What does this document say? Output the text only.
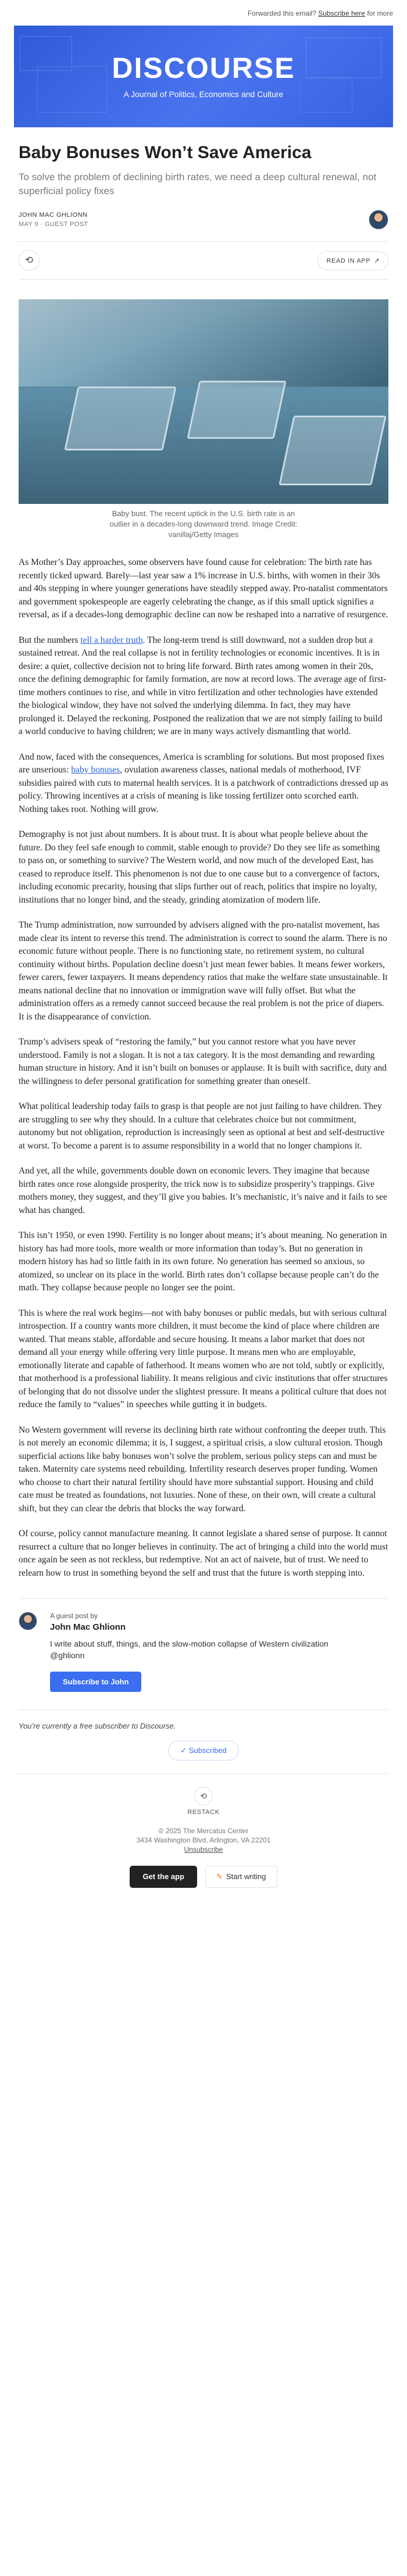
Forwarded this email? Subscribe here for more
DISCOURSE
A Journal of Politics, Economics and Culture
Baby Bonuses Won’t Save America
To solve the problem of declining birth rates, we need a deep cultural renewal, not superficial policy fixes
JOHN MAC GHLIONN
MAY 9 · GUEST POST
⟲	READ IN APP ↗
Baby bust. The recent uptick in the U.S. birth rate is an outlier in a decades-long downward trend. Image Credit: vanillaj/Getty Images

As Mother’s Day approaches, some observers have found cause for celebration: The birth rate has recently ticked upward. Barely—last year saw a 1% increase in U.S. births, with women in their 30s and 40s stepping in where younger generations have steadily stepped away. Pro-natalist commentators and government spokespeople are eagerly celebrating the change, as if this small uptick signifies a reversal, as if a decades-long demographic decline can now be reshaped into a narrative of resurgence.

But the numbers tell a harder truth. The long-term trend is still downward, not a sudden drop but a sustained retreat. And the real collapse is not in fertility technologies or economic incentives. It is in desire: a quiet, collective decision not to bring life forward. Birth rates among women in their 20s, once the defining demographic for family formation, are now at record lows. The average age of first-time mothers continues to rise, and while in vitro fertilization and other technologies have extended the biological window, they have not solved the underlying dilemma. In fact, they may have prolonged it. Delayed the reckoning. Postponed the realization that we are not simply failing to build a world conducive to having children; we are in many ways actively dismantling that world.

And now, faced with the consequences, America is scrambling for solutions. But most proposed fixes are unserious: baby bonuses, ovulation awareness classes, national medals of motherhood, IVF subsidies paired with cuts to maternal health services. It is a patchwork of contradictions dressed up as policy. Throwing incentives at a crisis of meaning is like tossing fertilizer onto scorched earth. Nothing takes root. Nothing will grow.

Demography is not just about numbers. It is about trust. It is about what people believe about the future. Do they feel safe enough to commit, stable enough to provide? Do they see life as something to pass on, or something to survive? The Western world, and now much of the developed East, has ceased to reproduce itself. This phenomenon is not due to one cause but to a convergence of factors, including economic precarity, housing that slips further out of reach, politics that inspire no loyalty, institutions that no longer bind, and the steady, grinding atomization of modern life.

The Trump administration, now surrounded by advisers aligned with the pro-natalist movement, has made clear its intent to reverse this trend. The administration is correct to sound the alarm. There is no economic future without people. There is no functioning state, no retirement system, no cultural continuity without births. Population decline doesn’t just mean fewer babies. It means fewer workers, fewer carers, fewer taxpayers. It means dependency ratios that make the welfare state unsustainable. It means national decline that no innovation or immigration wave will fully offset. But what the administration offers as a remedy cannot succeed because the real problem is not the price of diapers. It is the disappearance of conviction.

Trump’s advisers speak of “restoring the family,” but you cannot restore what you have never understood. Family is not a slogan. It is not a tax category. It is the most demanding and rewarding human structure in history. And it isn’t built on bonuses or applause. It is built with sacrifice, duty and the willingness to defer personal gratification for something greater than oneself.

What political leadership today fails to grasp is that people are not just failing to have children. They are struggling to see why they should. In a culture that celebrates choice but not commitment, autonomy but not obligation, reproduction is increasingly seen as optional at best and self-destructive at worst. To become a parent is to assume responsibility in a world that no longer champions it.

And yet, all the while, governments double down on economic levers. They imagine that because birth rates once rose alongside prosperity, the trick now is to subsidize prosperity’s trappings. Give mothers money, they suggest, and they’ll give you babies. It’s mechanistic, it’s naive and it fails to see what has changed.

This isn’t 1950, or even 1990. Fertility is no longer about means; it’s about meaning. No generation in history has had more tools, more wealth or more information than today’s. But no generation in modern history has had so little faith in its own future. No generation has seemed so anxious, so atomized, so unclear on its place in the world. Birth rates don’t collapse because people can’t do the math. They collapse because people no longer see the point.

This is where the real work begins—not with baby bonuses or public medals, but with serious cultural introspection. If a country wants more children, it must become the kind of place where children are wanted. That means stable, affordable and secure housing. It means a labor market that does not demand all your energy while offering very little purpose. It means men who are employable, emotionally literate and capable of fatherhood. It means women who are not told, subtly or explicitly, that motherhood is a professional liability. It means religious and civic institutions that offer structures of belonging that do not dissolve under the slightest pressure. It means a political culture that does not reduce the family to “values” in speeches while gutting it in budgets.

No Western government will reverse its declining birth rate without confronting the deeper truth. This is not merely an economic dilemma; it is, I suggest, a spiritual crisis, a slow cultural erosion. Though superficial actions like baby bonuses won’t solve the problem, serious policy steps can and must be taken. Maternity care systems need rebuilding. Infertility research deserves proper funding. Women who choose to chart their natural fertility should have more substantial support. Housing and child care must be treated as foundations, not luxuries. None of these, on their own, will create a cultural shift, but they can clear the debris that blocks the way forward.

Of course, policy cannot manufacture meaning. It cannot legislate a shared sense of purpose. It cannot resurrect a culture that no longer believes in continuity. The act of bringing a child into the world must once again be seen as not reckless, but redemptive. Not an act of naivete, but of trust. We need to relearn how to trust in something beyond the self and trust that the future is worth stepping into.

A guest post by
John Mac Ghlionn
I write about stuff, things, and the slow-motion collapse of Western civilization @ghlionn
Subscribe to John
You’re currently a free subscriber to Discourse.
✓ Subscribed
⟲
RESTACK
© 2025 The Mercatus Center
3434 Washington Blvd, Arlington, VA 22201
Unsubscribe
Get the app	✎ Start writing
